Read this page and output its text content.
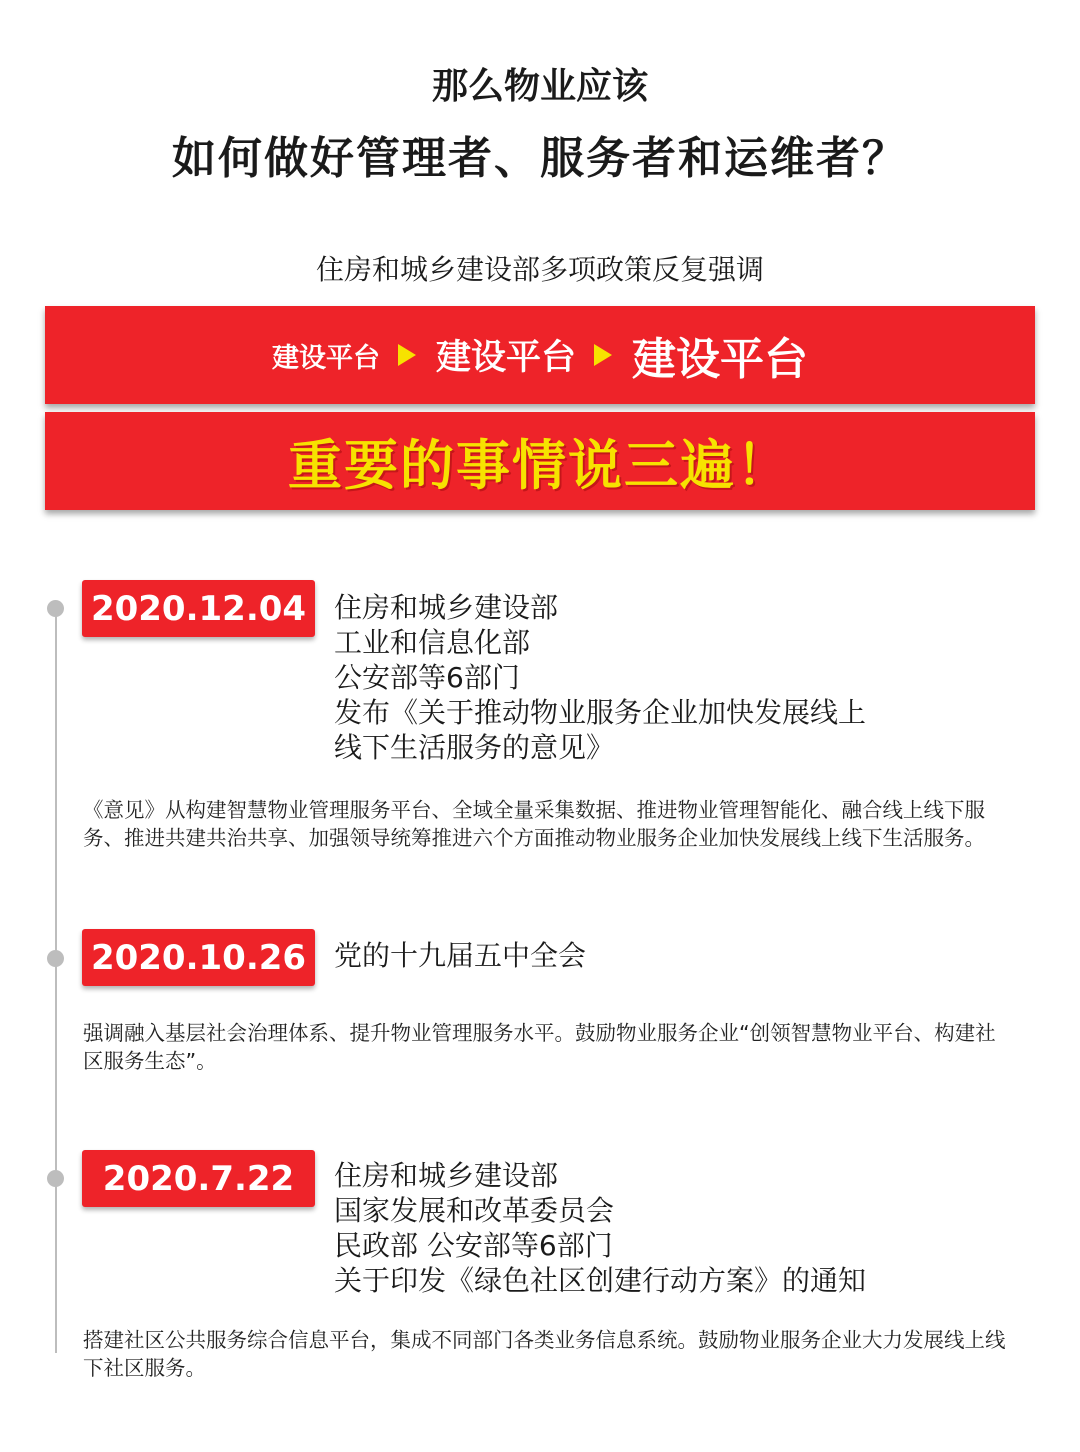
那么物业应该
如何做好管理者、服务者和运维者？
住房和城乡建设部多项政策反复强调
建设平台 建设平台 建设平台
重要的事情说三遍！
2020.12.04 住房和城乡建设部
工业和信息化部
公安部等6部门
发布《关于推动物业服务企业加快发展线上
线下生活服务的意见》
《意见》从构建智慧物业管理服务平台、全域全量采集数据、推进物业管理智能化、融合线上线下服务、推进共建共治共享、加强领导统筹推进六个方面推动物业服务企业加快发展线上线下生活服务。
2020.10.26 党的十九届五中全会
强调融入基层社会治理体系、提升物业管理服务水平。鼓励物业服务企业“创领智慧物业平台、构建社区服务生态”。
2020.7.22	住房和城乡建设部
国家发展和改革委员会
民政部 公安部等6部门
关于印发《绿色社区创建行动方案》的通知
搭建社区公共服务综合信息平台，集成不同部门各类业务信息系统。鼓励物业服务企业大力发展线上线下社区服务。
